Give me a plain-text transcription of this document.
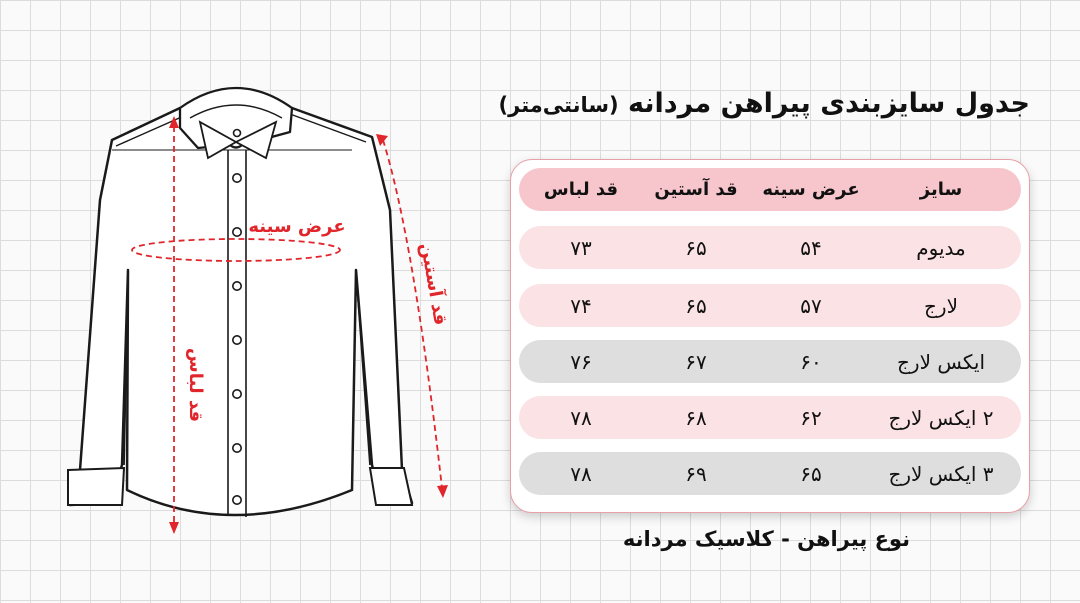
عرض سینه
قد لباس
قد آستین
جدول سایزبندی پیراهن مردانه (سانتی‌متر)
سایز
عرض سینه
قد آستین
قد لباس
مدیوم
۵۴
۶۵
۷۳
لارج
۵۷
۶۵
۷۴
ایکس لارج
۶۰
۶۷
۷۶
۲ ایکس لارج
۶۲
۶۸
۷۸
۳ ایکس لارج
۶۵
۶۹
۷۸
نوع پیراهن - کلاسیک مردانه
